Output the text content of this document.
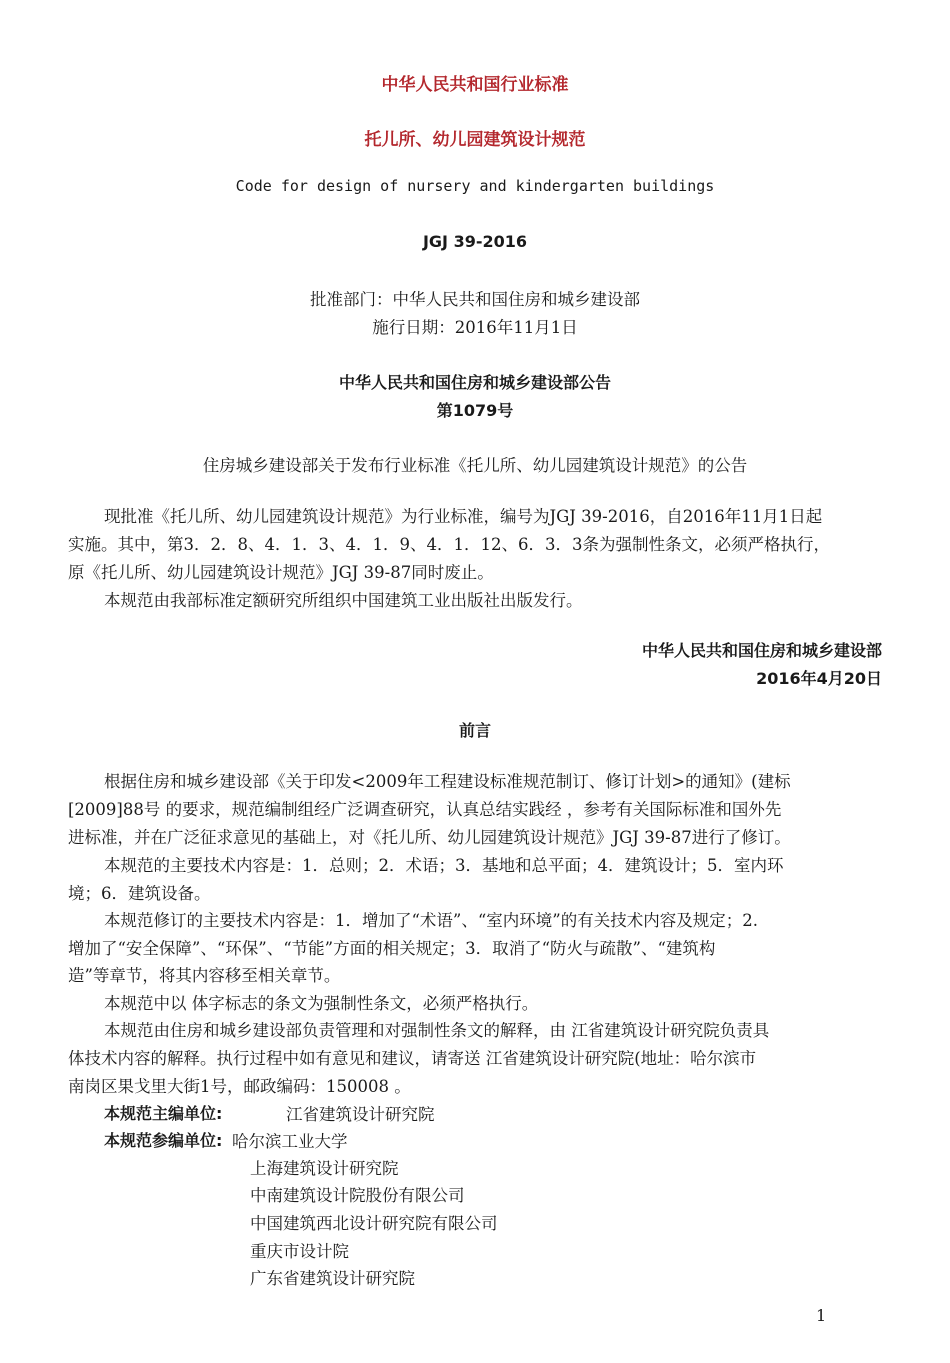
中华人民共和国行业标准
托儿所、幼儿园建筑设计规范
Code for design of nursery and kindergarten buildings
JGJ 39-2016
批准部门：中华人民共和国住房和城乡建设部
施行日期：2016年11月1日
中华人民共和国住房和城乡建设部公告
第1079号
住房城乡建设部关于发布行业标准《托儿所、幼儿园建筑设计规范》的公告
现批准《托儿所、幼儿园建筑设计规范》为行业标准，编号为JGJ 39-2016，自2016年11月1日起
实施。其中，第3．2．8、4．1．3、4．1．9、4．1．12、6．3．3条为强制性条文，必须严格执行，
原《托儿所、幼儿园建筑设计规范》JGJ 39-87同时废止。
本规范由我部标准定额研究所组织中国建筑工业出版社出版发行。
中华人民共和国住房和城乡建设部
2016年4月20日
前言
根据住房和城乡建设部《关于印发<2009年工程建设标准规范制订、修订计划>的通知》(建标
[2009]88号 的要求，规范编制组经广泛调查研究，认真总结实践经 ，参考有关国际标准和国外先
进标准，并在广泛征求意见的基础上，对《托儿所、幼儿园建筑设计规范》JGJ 39-87进行了修订。
本规范的主要技术内容是：1．总则；2．术语；3．基地和总平面；4．建筑设计；5．室内环
境；6．建筑设备。
本规范修订的主要技术内容是：1．增加了“术语”、“室内环境”的有关技术内容及规定；2.
增加了“安全保障”、“环保”、“节能”方面的相关规定；3．取消了“防火与疏散”、“建筑构
造”等章节，将其内容移至相关章节。
本规范中以 体字标志的条文为强制性条文，必须严格执行。
本规范由住房和城乡建设部负责管理和对强制性条文的解释，由 江省建筑设计研究院负责具
体技术内容的解释。执行过程中如有意见和建议，请寄送 江省建筑设计研究院(地址：哈尔滨市
南岗区果戈里大街1号，邮政编码：150008 。
本规范主编单位:	江省建筑设计研究院
本规范参编单位: 哈尔滨工业大学
上海建筑设计研究院
中南建筑设计院股份有限公司
中国建筑西北设计研究院有限公司
重庆市设计院
广东省建筑设计研究院
1
